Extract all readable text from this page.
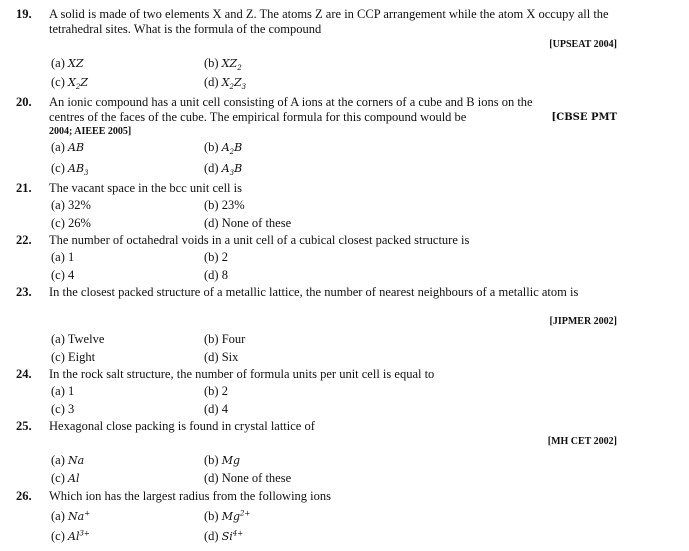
19. A solid is made of two elements X and Z. The atoms Z are in CCP arrangement while the atom X occupy all the tetrahedral sites. What is the formula of the compound
[UPSEAT 2004]
(a) XZ	(b) $XZ_2$
(c) $X_2Z$	(d) $X_2Z_3$
20. An ionic compound has a unit cell consisting of A ions at the corners of a cube and B ions on the centres of the faces of the cube. The empirical formula for this compound would be	[CBSE PMT
2004; AIEEE 2005]
(a) AB	(b) $A_2B$
(c) $AB_3$	(d) $A_3B$
21. The vacant space in the bcc unit cell is
(a) 32%	(b) 23%
(c) 26%	(d) None of these
22. The number of octahedral voids in a unit cell of a cubical closest packed structure is
(a) 1	(b) 2
(c) 4	(d) 8
23. In the closest packed structure of a metallic lattice, the number of nearest neighbours of a metallic atom is
[JIPMER 2002]
(a) Twelve	(b) Four
(c) Eight	(d) Six
24. In the rock salt structure, the number of formula units per unit cell is equal to
(a) 1	(b) 2
(c) 3	(d) 4
25. Hexagonal close packing is found in crystal lattice of
[MH CET 2002]
(a) Na	(b) Mg
(c) Al	(d) None of these
26. Which ion has the largest radius from the following ions
(a) Na+	(b) $Mg^{2+}$
(c) $Al^{3+}$	(d) $Si^{4+}$
